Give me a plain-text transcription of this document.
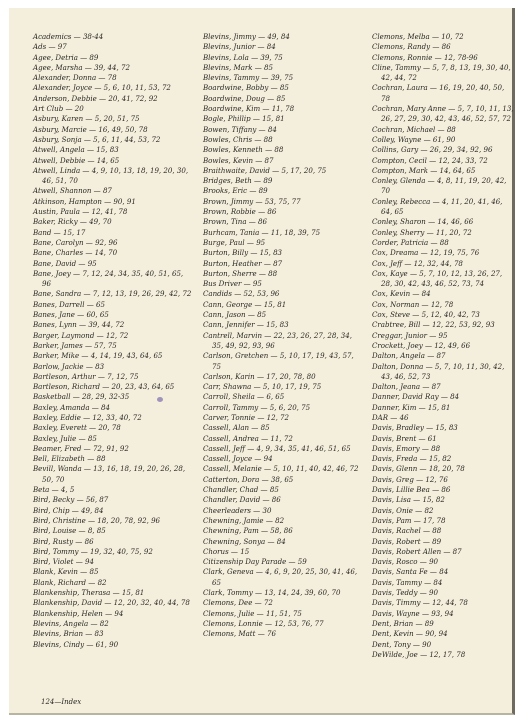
Academics — 38-44
Ads — 97
Agee, Detria — 89
Agee, Marsha — 39, 44, 72
Alexander, Donna — 78
Alexander, Joyce — 5, 6, 10, 11, 53, 72
Anderson, Debbie — 20, 41, 72, 92
Art Club — 20
Asbury, Karen — 5, 20, 51, 75
Asbury, Marcie — 16, 49, 50, 78
Asbury, Sonja — 5, 6, 11, 44, 53, 72
Atwell, Angela — 15, 83
Atwell, Debbie — 14, 65
Atwell, Linda — 4, 9, 10, 13, 18, 19, 20, 30, 46, 51, 70
Atwell, Shannon — 87
Atkinson, Hampton — 90, 91
Austin, Paula — 12, 41, 78
Baker, Ricky — 49, 70
Band — 15, 17
Bane, Carolyn — 92, 96
Bane, Charles — 14, 70
Bane, David — 95
Bane, Joey — 7, 12, 24, 34, 35, 40, 51, 65, 96
Bane, Sandra — 7, 12, 13, 19, 26, 29, 42, 72
Banes, Darrell — 65
Banes, Jane — 60, 65
Banes, Lynn — 39, 44, 72
Barger, Laymond — 12, 72
Barker, James — 57, 75
Barker, Mike — 4, 14, 19, 43, 64, 65
Barlow, Jackie — 83
Bartleson, Arthur — 7, 12, 75
Bartleson, Richard — 20, 23, 43, 64, 65
Basketball — 28, 29, 32-35
Baxley, Amanda — 84
Baxley, Eddie — 12, 33, 40, 72
Baxley, Everett — 20, 78
Baxley, Julie — 85
Beamer, Fred — 72, 91, 92
Bell, Elizabeth — 88
Bevill, Wanda — 13, 16, 18, 19, 20, 26, 28, 50, 70
Beta — 4, 5
Bird, Becky — 56, 87
Bird, Chip — 49, 84
Bird, Christine — 18, 20, 78, 92, 96
Bird, Louise — 8, 85
Bird, Rusty — 86
Bird, Tommy — 19, 32, 40, 75, 92
Bird, Violet — 94
Blank, Kevin — 85
Blank, Richard — 82
Blankenship, Therasa — 15, 81
Blankenship, David — 12, 20, 32, 40, 44, 78
Blankenship, Helen — 94
Blevins, Angela — 82
Blevins, Brian — 83
Blevins, Cindy — 61, 90
Blevins, Jimmy — 49, 84
Blevins, Junior — 84
Blevins, Lola — 39, 75
Blevins, Mark — 85
Blevins, Tammy — 39, 75
Boardwine, Bobby — 85
Boardwine, Doug — 85
Boardwine, Kim — 11, 78
Bogle, Phillip — 15, 81
Bowen, Tiffany — 84
Bowles, Chris — 88
Bowles, Kenneth — 88
Bowles, Kevin — 87
Braithwaite, David — 5, 17, 20, 75
Bridges, Beth — 89
Brooks, Eric — 89
Brown, Jimmy — 53, 75, 77
Brown, Robbie — 86
Brown, Tina — 86
Burhcam, Tania — 11, 18, 39, 75
Burge, Paul — 95
Burton, Billy — 15, 83
Burton, Heather — 87
Burton, Sherre — 88
Bus Driver — 95
Candids — 52, 53, 96
Cann, George — 15, 81
Cann, Jason — 85
Cann, Jennifer — 15, 83
Cantrell, Marvin — 22, 23, 26, 27, 28, 34, 35, 49, 92, 93, 96
Carlson, Gretchen — 5, 10, 17, 19, 43, 57, 75
Carlson, Karin — 17, 20, 78, 80
Carr, Shawna — 5, 10, 17, 19, 75
Carroll, Sheila — 6, 65
Carroll, Tammy — 5, 6, 20, 75
Carver, Tonnie — 12, 72
Cassell, Alan — 85
Cassell, Andrea — 11, 72
Cassell, Jeff — 4, 9, 34, 35, 41, 46, 51, 65
Cassell, Joyce — 94
Cassell, Melanie — 5, 10, 11, 40, 42, 46, 72
Catterton, Dora — 38, 65
Chandler, Chad — 85
Chandler, David — 86
Cheerleaders — 30
Chewning, Jamie — 82
Chewning, Pam — 58, 86
Chewning, Sonya — 84
Chorus — 15
Citizenship Day Parade — 59
Clark, Geneva — 4, 6, 9, 20, 25, 30, 41, 46, 65
Clark, Tommy — 13, 14, 24, 39, 60, 70
Clemons, Dee — 72
Clemons, Julie — 11, 51, 75
Clemons, Lonnie — 12, 53, 76, 77
Clemons, Matt — 76
Clemons, Melba — 10, 72
Clemons, Randy — 86
Clemons, Ronnie — 12, 78-96
Cline, Tammy — 5, 7, 8, 13, 19, 30, 40, 42, 44, 72
Cochran, Laura — 16, 19, 20, 40, 50, 78
Cochran, Mary Anne — 5, 7, 10, 11, 13, 26, 27, 29, 30, 42, 43, 46, 52, 57, 72
Cochran, Michael — 88
Colley, Wayne — 61, 90
Collins, Gary — 26, 29, 34, 92, 96
Compton, Cecil — 12, 24, 33, 72
Compton, Mark — 14, 64, 65
Conley, Glenda — 4, 8, 11, 19, 20, 42, 70
Conley, Rebecca — 4, 11, 20, 41, 46, 64, 65
Conley, Sharon — 14, 46, 66
Conley, Sherry — 11, 20, 72
Corder, Patricia — 88
Cox, Dreama — 12, 19, 75, 76
Cox, Jeff — 12, 32, 44, 78
Cox, Kaye — 5, 7, 10, 12, 13, 26, 27, 28, 30, 42, 43, 46, 52, 73, 74
Cox, Kevin — 84
Cox, Norman — 12, 78
Cox, Steve — 5, 12, 40, 42, 73
Crabtree, Bill — 12, 22, 53, 92, 93
Creggar, Junior — 95
Crockett, Joey — 12, 49, 66
Dalton, Angela — 87
Dalton, Donna — 5, 7, 10, 11, 30, 42, 43, 46, 52, 73
Dalton, Jeana — 87
Danner, David Ray — 84
Danner, Kim — 15, 81
DAR — 46
Davis, Bradley — 15, 83
Davis, Brent — 61
Davis, Emory — 88
Davis, Freda — 15, 82
Davis, Glenn — 18, 20, 78
Davis, Greg — 12, 76
Davis, Lillie Bea — 86
Davis, Lisa — 15, 82
Davis, Onie — 82
Davis, Pam — 17, 78
Davis, Rachel — 88
Davis, Robert — 89
Davis, Robert Allen — 87
Davis, Rosco — 90
Davis, Santa Fe — 84
Davis, Tammy — 84
Davis, Teddy — 90
Davis, Timmy — 12, 44, 78
Davis, Wayne — 93, 94
Dent, Brian — 89
Dent, Kevin — 90, 94
Dent, Tony — 90
DeWilde, Joe — 12, 17, 78
124—Index
